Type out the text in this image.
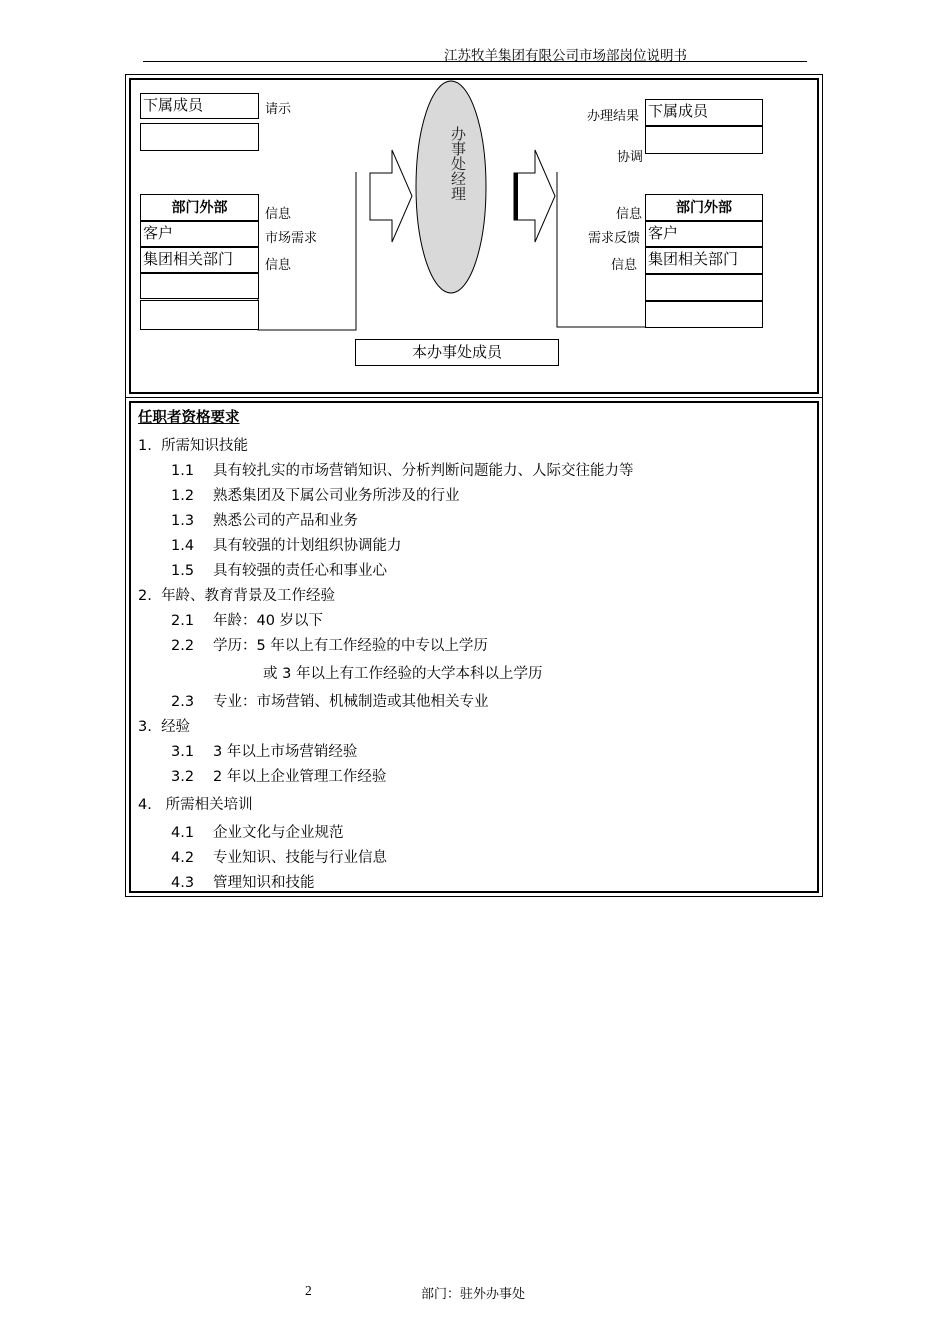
江苏牧羊集团有限公司市场部岗位说明书
办事处经理
下属成员	请示
部门外部
客户
集团相关部门
信息
市场需求
信息
办理结果 下属成员
协调
信息	部门外部
需求反馈 客户
信息 集团相关部门
本办事处成员
任职者资格要求
1. 所需知识技能
1.1 具有较扎实的市场营销知识、分析判断问题能力、人际交往能力等
1.2 熟悉集团及下属公司业务所涉及的行业
1.3 熟悉公司的产品和业务
1.4 具有较强的计划组织协调能力
1.5 具有较强的责任心和事业心
2. 年龄、教育背景及工作经验
2.1 年龄：40 岁以下
2.2 学历：5 年以上有工作经验的中专以上学历
或 3 年以上有工作经验的大学本科以上学历
2.3 专业：市场营销、机械制造或其他相关专业
3. 经验
3.1 3 年以上市场营销经验
3.2 2 年以上企业管理工作经验
4. 所需相关培训
4.1 企业文化与企业规范
4.2 专业知识、技能与行业信息
4.3 管理知识和技能
2	部门：驻外办事处
